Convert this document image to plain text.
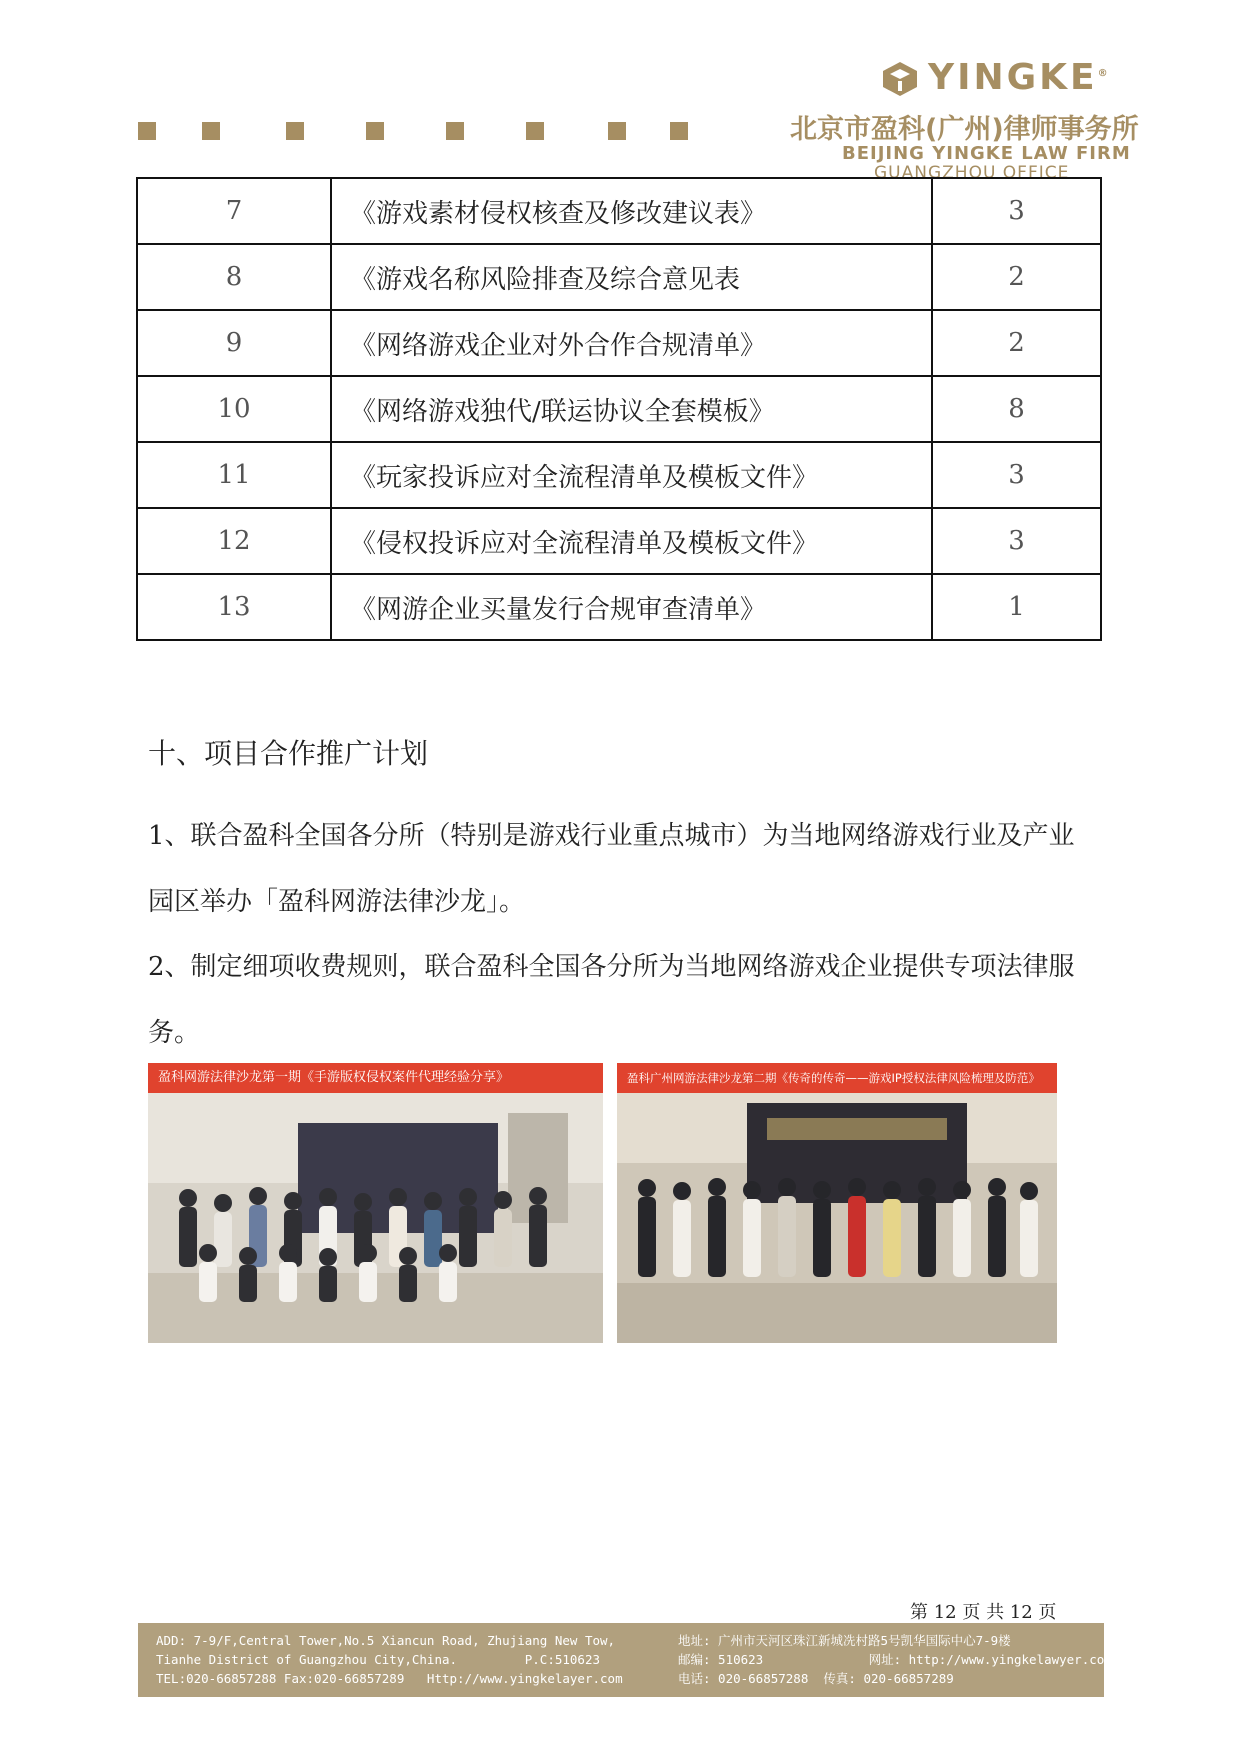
YINGKE®
北京市盈科(广州)律师事务所
BEIJING YINGKE LAW FIRM
GUANGZHOU OFFICE
7	《游戏素材侵权核查及修改建议表》	3
8	《游戏名称风险排查及综合意见表	2
9	《网络游戏企业对外合作合规清单》	2
10	《网络游戏独代/联运协议全套模板》	8
11	《玩家投诉应对全流程清单及模板文件》	3
12	《侵权投诉应对全流程清单及模板文件》	3
13	《网游企业买量发行合规审查清单》	1
十、项目合作推广计划
1、联合盈科全国各分所（特别是游戏行业重点城市）为当地网络游戏行业及产业园区举办「盈科网游法律沙龙」。
2、制定细项收费规则，联合盈科全国各分所为当地网络游戏企业提供专项法律服务。
盈科网游法律沙龙第一期《手游版权侵权案件代理经验分享》	盈科广州网游法律沙龙第二期《传奇的传奇——游戏IP授权法律风险梳理及防范》
第 12 页 共 12 页
ADD: 7-9/F,Central Tower,No.5 Xiancun Road, Zhujiang New Tow,
Tianhe District of Guangzhou City,China.         P.C:510623
TEL:020-66857288 Fax:020-66857289   Http://www.yingkelayer.com
地址: 广州市天河区珠江新城冼村路5号凯华国际中心7-9楼
邮编: 510623              网址: http://www.yingkelawyer.com
电话: 020-66857288  传真: 020-66857289
